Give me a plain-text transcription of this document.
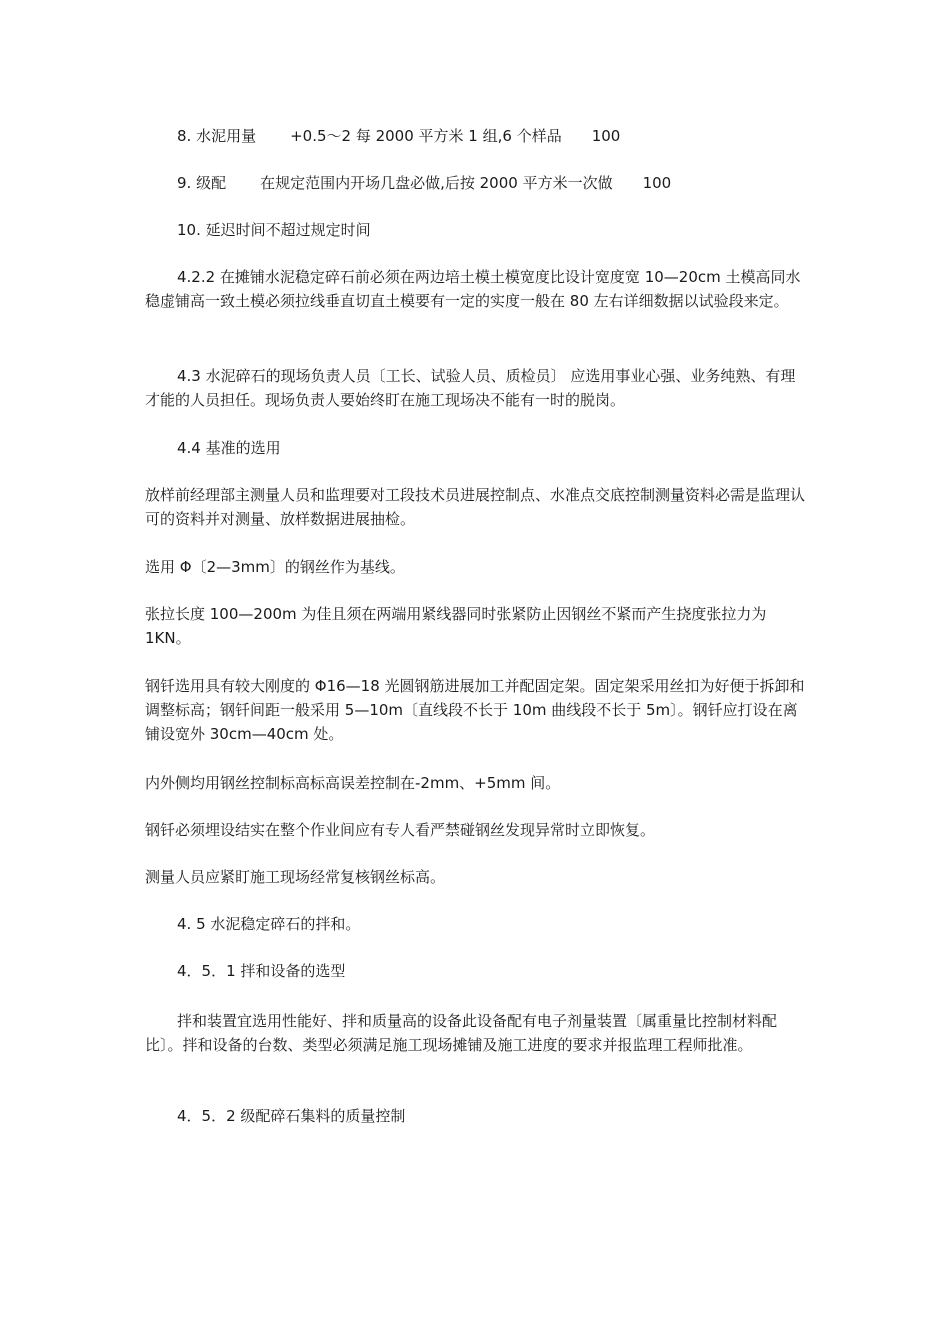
8. 水泥用量 +0.5～2 每 2000 平方米 1 组,6 个样品 100

9. 级配 在规定范围内开场几盘必做,后按 2000 平方米一次做 100

10. 延迟时间不超过规定时间

4.2.2 在摊铺水泥稳定碎石前必须在两边培土模土模宽度比设计宽度宽 10—20cm 土模高同水稳虚铺高一致土模必须拉线垂直切直土模要有一定的实度一般在 80 左右详细数据以试验段来定。

4.3 水泥碎石的现场负责人员〔工长、试验人员、质检员〕 应选用事业心强、业务纯熟、有理才能的人员担任。现场负责人要始终盯在施工现场决不能有一时的脱岗。

4.4 基准的选用

放样前经理部主测量人员和监理要对工段技术员进展控制点、水准点交底控制测量资料必需是监理认可的资料并对测量、放样数据进展抽检。

选用 Φ〔2—3mm〕的钢丝作为基线。

张拉长度 100—200m 为佳且须在两端用紧线器同时张紧防止因钢丝不紧而产生挠度张拉力为 1KN。

钢钎选用具有较大刚度的 Φ16—18 光圆钢筋进展加工并配固定架。固定架采用丝扣为好便于拆卸和调整标高；钢钎间距一般采用 5—10m〔直线段不长于 10m 曲线段不长于 5m〕。钢钎应打设在离铺设宽外 30cm—40cm 处。

内外侧均用钢丝控制标高标高误差控制在-2mm、+5mm 间。

钢钎必须埋设结实在整个作业间应有专人看严禁碰钢丝发现异常时立即恢复。

测量人员应紧盯施工现场经常复核钢丝标高。

4. 5 水泥稳定碎石的拌和。

4．5．1 拌和设备的选型

拌和装置宜选用性能好、拌和质量高的设备此设备配有电子剂量装置〔属重量比控制材料配比〕。拌和设备的台数、类型必须满足施工现场摊铺及施工进度的要求并报监理工程师批准。

4．5．2 级配碎石集料的质量控制
